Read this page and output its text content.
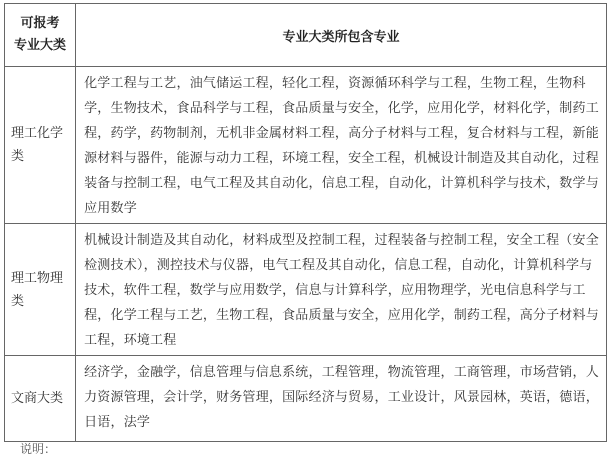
可报考
专业大类	专业大类所包含专业
理工化学类	化学工程与工艺，油气储运工程，轻化工程，资源循环科学与工程，生物工程，生物科学，生物技术，食品科学与工程，食品质量与安全，化学，应用化学，材料化学，制药工程，药学，药物制剂，无机非金属材料工程，高分子材料与工程，复合材料与工程，新能源材料与器件，能源与动力工程，环境工程，安全工程，机械设计制造及其自动化，过程装备与控制工程，电气工程及其自动化，信息工程，自动化，计算机科学与技术，数学与应用数学
理工物理类	机械设计制造及其自动化，材料成型及控制工程，过程装备与控制工程，安全工程（安全检测技术），测控技术与仪器，电气工程及其自动化，信息工程，自动化，计算机科学与技术，软件工程，数学与应用数学，信息与计算科学，应用物理学，光电信息科学与工程，化学工程与工艺，生物工程，食品质量与安全，应用化学，制药工程，高分子材料与工程，环境工程
文商大类	经济学，金融学，信息管理与信息系统，工程管理，物流管理，工商管理，市场营销，人力资源管理，会计学，财务管理，国际经济与贸易，工业设计，风景园林，英语，德语，日语，法学
说明：
